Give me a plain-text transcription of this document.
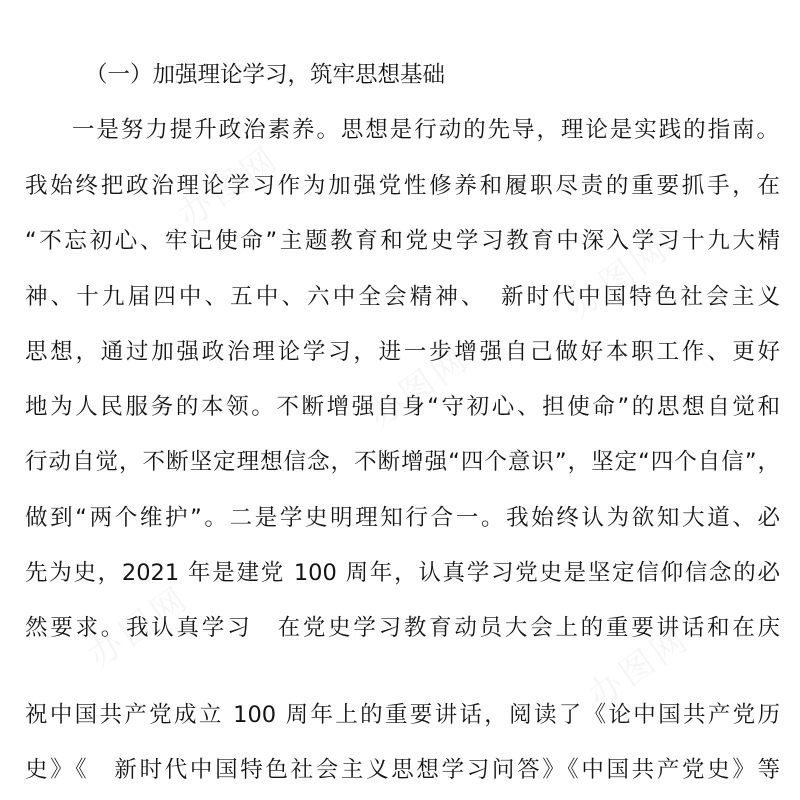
办图网
办图网
办图网
办图网	办图网
（一）加强理论学习，筑牢思想基础
一是努力提升政治素养。思想是行动的先导，理论是实践的指南。
我始终把政治理论学习作为加强党性修养和履职尽责的重要抓手，在
“不忘初心、牢记使命”主题教育和党史学习教育中深入学习十九大精
神、十九届四中、五中、六中全会精神、　新时代中国特色社会主义
思想，通过加强政治理论学习，进一步增强自己做好本职工作、更好
地为人民服务的本领。不断增强自身“守初心、担使命”的思想自觉和
行动自觉，不断坚定理想信念，不断增强“四个意识”，坚定“四个自信”，
做到“两个维护”。二是学史明理知行合一。我始终认为欲知大道、必
先为史，2021 年是建党 100 周年，认真学习党史是坚定信仰信念的必
然要求。我认真学习　在党史学习教育动员大会上的重要讲话和在庆
祝中国共产党成立 100 周年上的重要讲话，阅读了《论中国共产党历
史》《　新时代中国特色社会主义思想学习问答》《中国共产党史》等
